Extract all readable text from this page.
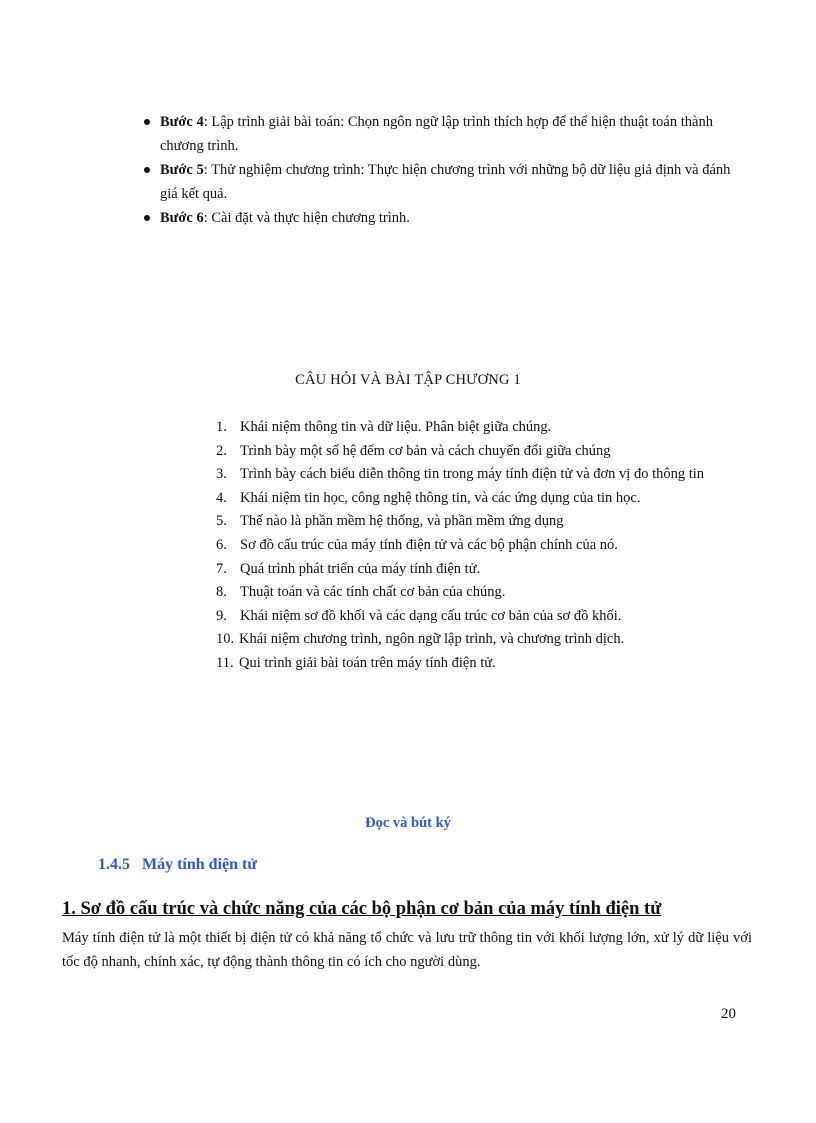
Bước 4: Lập trình giải bài toán: Chọn ngôn ngữ lập trình thích hợp để thể hiện thuật toán thành chương trình.
Bước 5: Thử nghiệm chương trình: Thực hiện chương trình với những bộ dữ liệu giả định và đánh giá kết quả.
Bước 6: Cài đặt và thực hiện chương trình.
CÂU HỎI VÀ BÀI TẬP CHƯƠNG 1
1. Khái niệm thông tin và dữ liệu. Phân biệt giữa chúng.
2. Trình bày một số hệ đếm cơ bản và cách chuyển đổi giữa chúng
3. Trình bày cách biểu diễn thông tin trong máy tính điện tử và đơn vị đo thông tin
4. Khái niệm tin học, công nghệ thông tin, và các ứng dụng của tin học.
5. Thế nào là phần mềm hệ thống, và phần mềm ứng dụng
6. Sơ đồ cấu trúc của máy tính điện tử và các bộ phận chính của nó.
7. Quá trình phát triển của máy tính điện tử.
8. Thuật toán và các tính chất cơ bản của chúng.
9. Khái niệm sơ đồ khối và các dạng cấu trúc cơ bản của sơ đồ khối.
10. Khái niệm chương trình, ngôn ngữ lập trình, và chương trình dịch.
11. Qui trình giải bài toán trên máy tính điện tử.
Đọc và bút ký
1.4.5 Máy tính điện tử
1. Sơ đồ cấu trúc và chức năng của các bộ phận cơ bản của máy tính điện tử
Máy tính điện tử là một thiết bị điện tử có khả năng tổ chức và lưu trữ thông tin với khối lượng lớn, xử lý dữ liệu với tốc độ nhanh, chính xác, tự động thành thông tin có ích cho người dùng.
20
